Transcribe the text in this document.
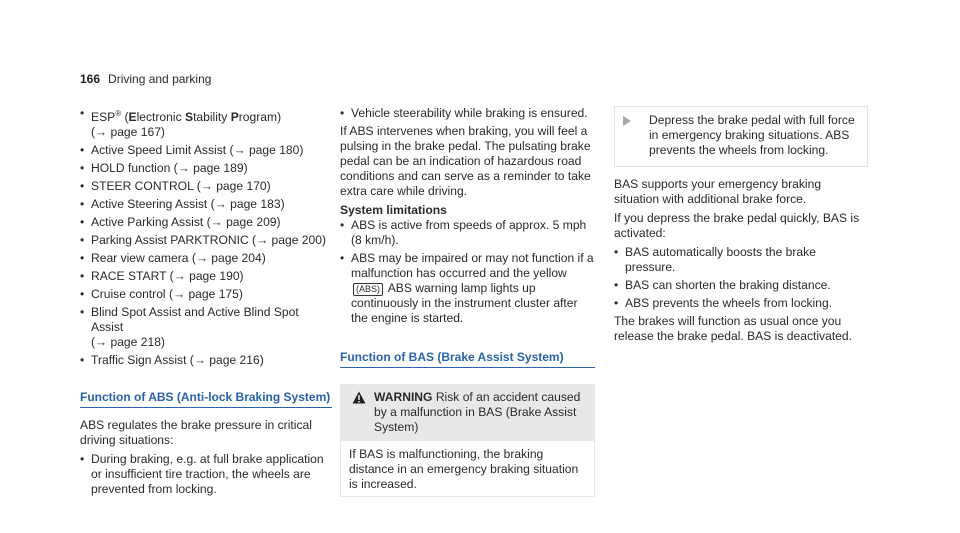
166 Driving and parking
• ESP® (Electronic Stability Program)
(→ page 167)
• Active Speed Limit Assist (→ page 180)
• HOLD function (→ page 189)
• STEER CONTROL (→ page 170)
• Active Steering Assist (→ page 183)
• Active Parking Assist (→ page 209)
• Parking Assist PARKTRONIC (→ page 200)
• Rear view camera (→ page 204)
• RACE START (→ page 190)
• Cruise control (→ page 175)
• Blind Spot Assist and Active Blind Spot Assist
(→ page 218)
• Traffic Sign Assist (→ page 216)
Function of ABS (Anti-lock Braking System)

ABS regulates the brake pressure in critical driving situations:

• During braking, e.g. at full brake application or insufficient tire traction, the wheels are prevented from locking.
• Vehicle steerability while braking is ensured.

If ABS intervenes when braking, you will feel a pulsing in the brake pedal. The pulsating brake pedal can be an indication of hazardous road conditions and can serve as a reminder to take extra care while driving.

System limitations
• ABS is active from speeds of approx. 5 mph (8 km/h).
• ABS may be impaired or may not function if a malfunction has occurred and the yellow (ABS) ABS warning lamp lights up continuously in the instrument cluster after the engine is started.
Function of BAS (Brake Assist System)
WARNING Risk of an accident caused by a malfunction in BAS (Brake Assist System)
If BAS is malfunctioning, the braking distance in an emergency braking situation is increased.
Depress the brake pedal with full force in emergency braking situations. ABS prevents the wheels from locking.

BAS supports your emergency braking situation with additional brake force.

If you depress the brake pedal quickly, BAS is activated:

• BAS automatically boosts the brake pressure.
• BAS can shorten the braking distance.
• ABS prevents the wheels from locking.

The brakes will function as usual once you release the brake pedal. BAS is deactivated.
